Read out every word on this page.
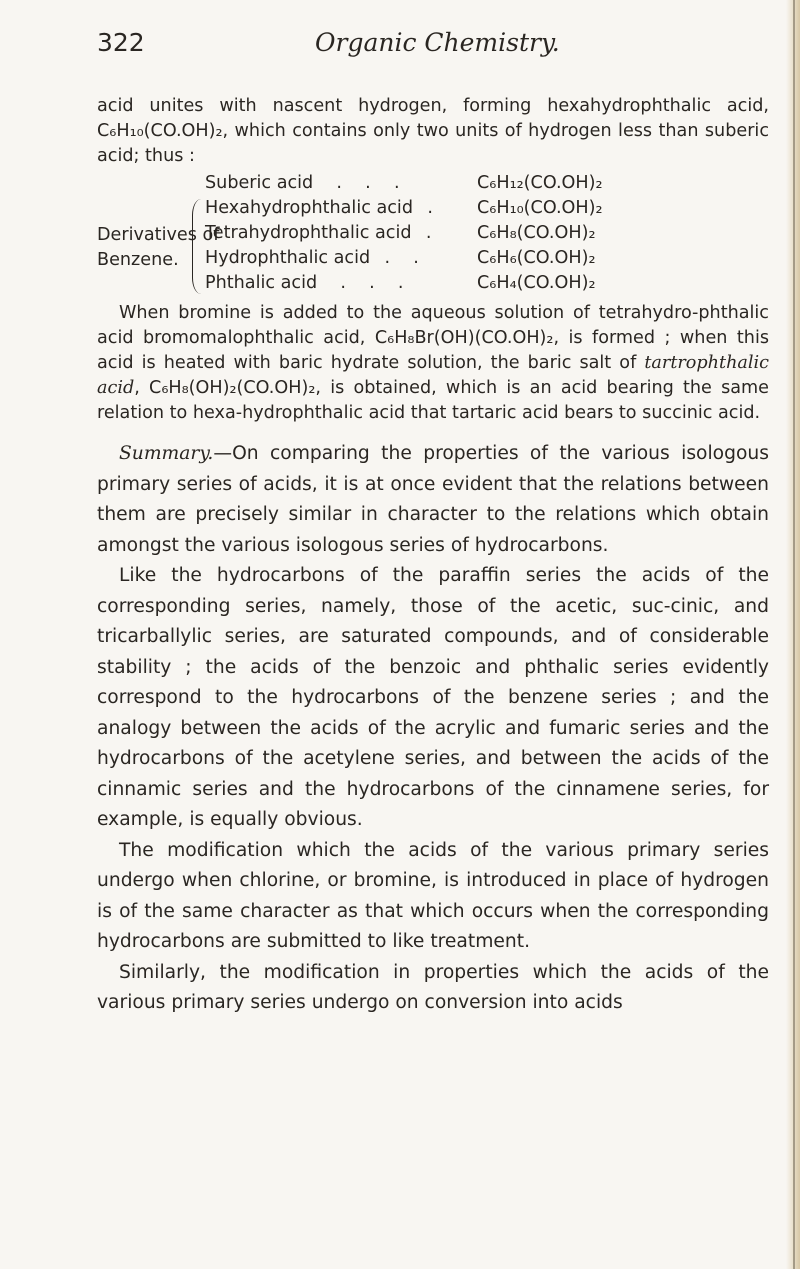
322	Organic Chemistry.

acid unites with nascent hydrogen, forming hexahydrophthalic acid, C₆H₁₀(CO.OH)₂, which contains only two units of hydrogen less than suberic acid; thus :

Derivatives of
Benzene.
Suberic acid  .  .  .	C₆H₁₂(CO.OH)₂
Hexahydrophthalic acid  .	C₆H₁₀(CO.OH)₂
Tetrahydrophthalic acid  .	C₆H₈(CO.OH)₂
Hydrophthalic acid  .  .	C₆H₆(CO.OH)₂
Phthalic acid  .  .  .	C₆H₄(CO.OH)₂

When bromine is added to the aqueous solution of tetrahydro-phthalic acid bromomalophthalic acid, C₆H₈Br(OH)(CO.OH)₂, is formed ; when this acid is heated with baric hydrate solution, the baric salt of tartrophthalic acid, C₆H₈(OH)₂(CO.OH)₂, is obtained, which is an acid bearing the same relation to hexa-hydrophthalic acid that tartaric acid bears to succinic acid.

Summary.—On comparing the properties of the various isologous primary series of acids, it is at once evident that the relations between them are precisely similar in character to the relations which obtain amongst the various isologous series of hydrocarbons.

Like the hydrocarbons of the paraffin series the acids of the corresponding series, namely, those of the acetic, suc-cinic, and tricarballylic series, are saturated compounds, and of considerable stability ; the acids of the benzoic and phthalic series evidently correspond to the hydrocarbons of the benzene series ; and the analogy between the acids of the acrylic and fumaric series and the hydrocarbons of the acetylene series, and between the acids of the cinnamic series and the hydrocarbons of the cinnamene series, for example, is equally obvious.

The modification which the acids of the various primary series undergo when chlorine, or bromine, is introduced in place of hydrogen is of the same character as that which occurs when the corresponding hydrocarbons are submitted to like treatment.

Similarly, the modification in properties which the acids of the various primary series undergo on conversion into acids
